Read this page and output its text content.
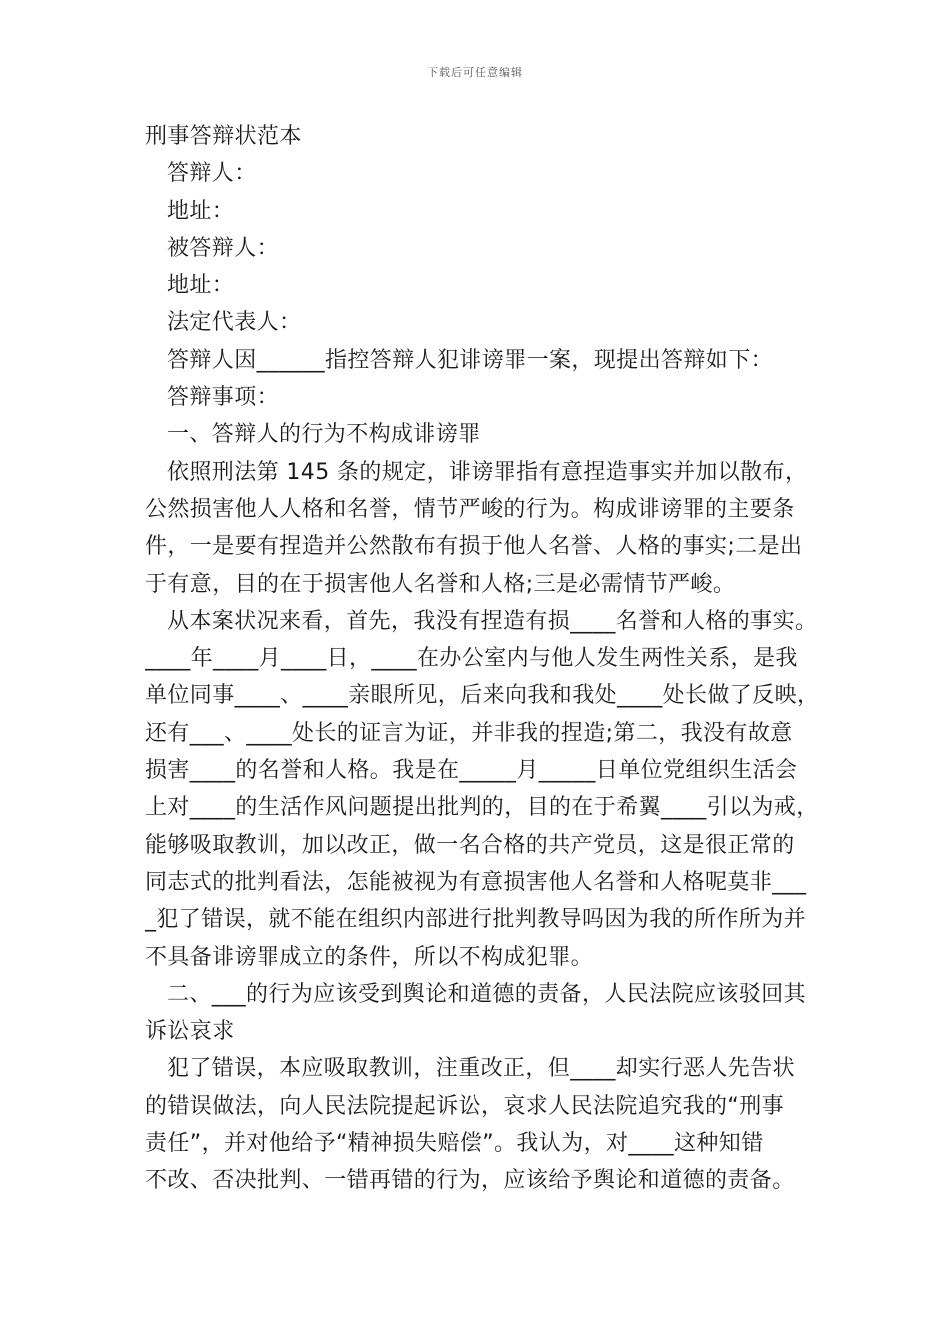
下载后可任意编辑
刑事答辩状范本
答辩人：
地址：
被答辩人：
地址：
法定代表人：
答辩人因______指控答辩人犯诽谤罪一案，现提出答辩如下：
答辩事项：
一、答辩人的行为不构成诽谤罪
依照刑法第 145 条的规定，诽谤罪指有意捏造事实并加以散布，
公然损害他人人格和名誉，情节严峻的行为。构成诽谤罪的主要条
件，一是要有捏造并公然散布有损于他人名誉、人格的事实;二是出
于有意，目的在于损害他人名誉和人格;三是必需情节严峻。
从本案状况来看，首先，我没有捏造有损____名誉和人格的事实。
____年____月____日，____在办公室内与他人发生两性关系，是我
单位同事____、____亲眼所见，后来向我和我处____处长做了反映，
还有___、____处长的证言为证，并非我的捏造;第二，我没有故意
损害____的名誉和人格。我是在_____月_____日单位党组织生活会
上对____的生活作风问题提出批判的，目的在于希翼____引以为戒，
能够吸取教训，加以改正，做一名合格的共产党员，这是很正常的
同志式的批判看法，怎能被视为有意损害他人名誉和人格呢莫非___
_犯了错误，就不能在组织内部进行批判教导吗因为我的所作所为并
不具备诽谤罪成立的条件，所以不构成犯罪。
二、___的行为应该受到舆论和道德的责备，人民法院应该驳回其
诉讼哀求
犯了错误，本应吸取教训，注重改正，但____却实行恶人先告状
的错误做法，向人民法院提起诉讼，哀求人民法院追究我的“刑事
责任”，并对他给予“精神损失赔偿”。我认为，对____这种知错
不改、否决批判、一错再错的行为，应该给予舆论和道德的责备。
